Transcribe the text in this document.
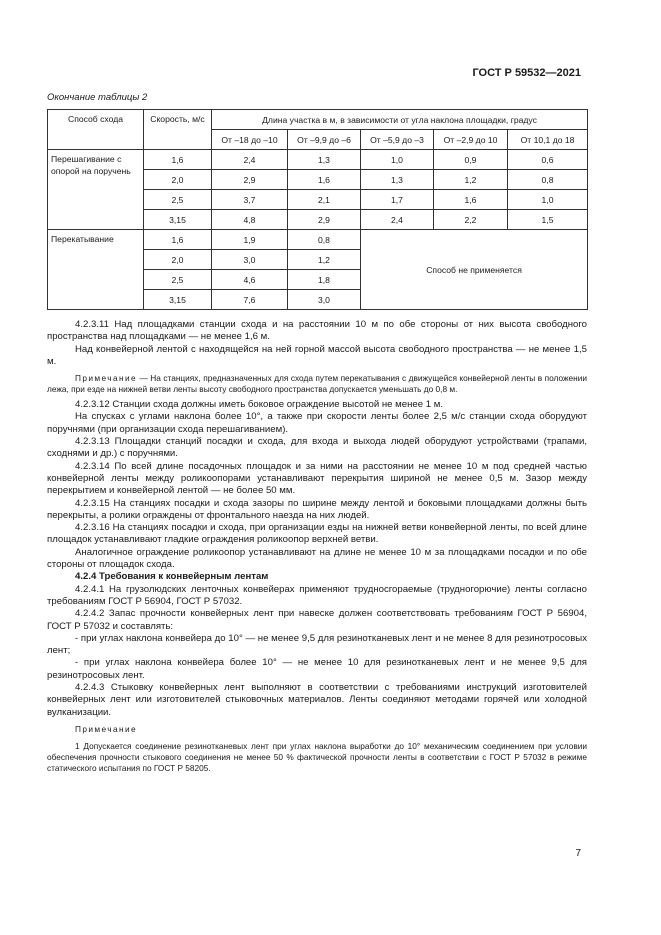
ГОСТ Р 59532—2021
Окончание таблицы 2
Способ схода	Скорость, м/с	Длина участка в м, в зависимости от угла наклона площадки, градус				
		От –18 до –10	От –9,9 до –6	От –5,9 до –3	От –2,9 до 10	От 10,1 до 18
Перешагивание с опорой на поручень	1,6	2,4	1,3	1,0	0,9	0,6
	2,0	2,9	1,6	1,3	1,2	0,8
	2,5	3,7	2,1	1,7	1,6	1,0
	3,15	4,8	2,9	2,4	2,2	1,5
Перекатывание	1,6	1,9	0,8	Способ не применяется		
	2,0	3,0	1,2			
	2,5	4,6	1,8			
	3,15	7,6	3,0			

4.2.3.11 Над площадками станции схода и на расстоянии 10 м по обе стороны от них высота свободного пространства над площадками — не менее 1,6 м.

Над конвейерной лентой с находящейся на ней горной массой высота свободного пространства — не менее 1,5 м.

Примечание — На станциях, предназначенных для схода путем перекатывания с движущейся конвейерной ленты в положении лежа, при езде на нижней ветви ленты высоту свободного пространства допускается уменьшать до 0,8 м.

4.2.3.12 Станции схода должны иметь боковое ограждение высотой не менее 1 м.

На спусках с углами наклона более 10°, а также при скорости ленты более 2,5 м/с станции схода оборудуют поручнями (при организации схода перешагиванием).

4.2.3.13 Площадки станций посадки и схода, для входа и выхода людей оборудуют устройствами (трапами, сходнями и др.) с поручнями.

4.2.3.14 По всей длине посадочных площадок и за ними на расстоянии не менее 10 м под средней частью конвейерной ленты между роликоопорами устанавливают перекрытия шириной не менее 0,5 м. Зазор между перекрытием и конвейерной лентой — не более 50 мм.

4.2.3.15 На станциях посадки и схода зазоры по ширине между лентой и боковыми площадками должны быть перекрыты, а ролики ограждены от фронтального наезда на них людей.

4.2.3.16 На станциях посадки и схода, при организации езды на нижней ветви конвейерной ленты, по всей длине площадок устанавливают гладкие ограждения роликоопор верхней ветви.

Аналогичное ограждение роликоопор устанавливают на длине не менее 10 м за площадками посадки и по обе стороны от площадок схода.

4.2.4 Требования к конвейерным лентам

4.2.4.1 На грузолюдских ленточных конвейерах применяют трудносгораемые (трудногорючие) ленты согласно требованиям ГОСТ Р 56904, ГОСТ Р 57032.

4.2.4.2 Запас прочности конвейерных лент при навеске должен соответствовать требованиям ГОСТ Р 56904, ГОСТ Р 57032 и составлять:

- при углах наклона конвейера до 10° — не менее 9,5 для резинотканевых лент и не менее 8 для резинотросовых лент;

- при углах наклона конвейера более 10° — не менее 10 для резинотканевых лент и не менее 9,5 для резинотросовых лент.

4.2.4.3 Стыковку конвейерных лент выполняют в соответствии с требованиями инструкций изготовителей конвейерных лент или изготовителей стыковочных материалов. Ленты соединяют методами горячей или холодной вулканизации.

Примечание

1 Допускается соединение резинотканевых лент при углах наклона выработки до 10° механическим соединением при условии обеспечения прочности стыкового соединения не менее 50 % фактической прочности ленты в соответствии с ГОСТ Р 57032 в режиме статического испытания по ГОСТ Р 58205.

7
